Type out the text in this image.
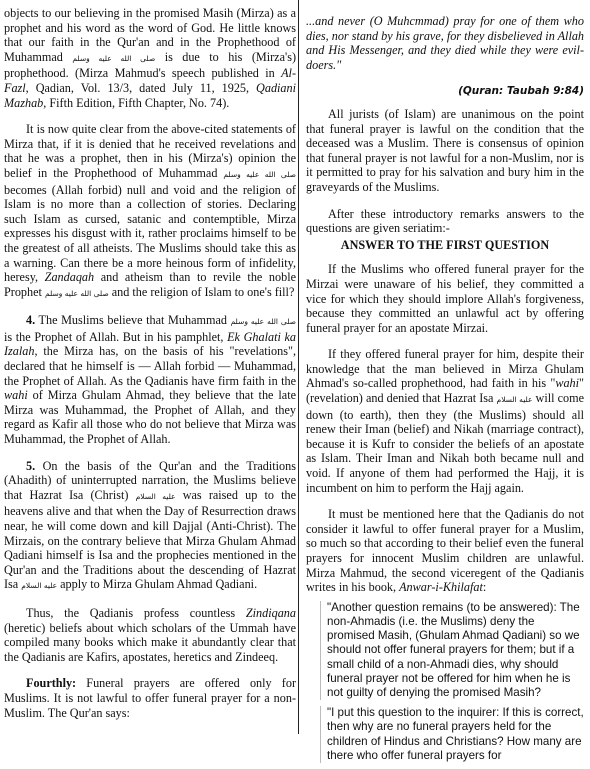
objects to our believing in the promised Masih (Mirza) as a prophet and his word as the word of God. He little knows that our faith in the Qur'an and in the Prophethood of Muhammad صلى الله عليه وسلم is due to his (Mirza's) prophethood. (Mirza Mahmud's speech published in Al-Fazl, Qadian, Vol. 13/3, dated July 11, 1925, Qadiani Mazhab, Fifth Edition, Fifth Chapter, No. 74).

It is now quite clear from the above-cited statements of Mirza that, if it is denied that he received revelations and that he was a prophet, then in his (Mirza's) opinion the belief in the Prophethood of Muhammad صلى الله عليه وسلم becomes (Allah forbid) null and void and the religion of Islam is no more than a collection of stories. Declaring such Islam as cursed, satanic and contemptible, Mirza expresses his disgust with it, rather proclaims himself to be the greatest of all atheists. The Muslims should take this as a warning. Can there be a more heinous form of infidelity, heresy, Zandaqah and atheism than to revile the noble Prophet صلى الله عليه وسلم and the religion of Islam to one's fill?

4. The Muslims believe that Muhammad صلى الله عليه وسلم is the Prophet of Allah. But in his pamphlet, Ek Ghalati ka Izalah, the Mirza has, on the basis of his "revelations", declared that he himself is — Allah forbid — Muhammad, the Prophet of Allah. As the Qadianis have firm faith in the wahi of Mirza Ghulam Ahmad, they believe that the late Mirza was Muhammad, the Prophet of Allah, and they regard as Kafir all those who do not believe that Mirza was Muhammad, the Prophet of Allah.

5. On the basis of the Qur'an and the Traditions (Ahadith) of uninterrupted narration, the Muslims believe that Hazrat Isa (Christ) عليه السلام was raised up to the heavens alive and that when the Day of Resurrection draws near, he will come down and kill Dajjal (Anti-Christ). The Mirzais, on the contrary believe that Mirza Ghulam Ahmad Qadiani himself is Isa and the prophecies mentioned in the Qur'an and the Traditions about the descending of Hazrat Isa عليه السلام apply to Mirza Ghulam Ahmad Qadiani.

Thus, the Qadianis profess countless Zindiqana (heretic) beliefs about which scholars of the Ummah have compiled many books which make it abundantly clear that the Qadianis are Kafirs, apostates, heretics and Zindeeq.

Fourthly: Funeral prayers are offered only for Muslims. It is not lawful to offer funeral prayer for a non-Muslim. The Qur'an says:

...and never (O Muhcmmad) pray for one of them who dies, nor stand by his grave, for they disbelieved in Allah and His Messenger, and they died while they were evil-doers."

(Quran: Taubah 9:84)

All jurists (of Islam) are unanimous on the point that funeral prayer is lawful on the condition that the deceased was a Muslim. There is consensus of opinion that funeral prayer is not lawful for a non-Muslim, nor is it permitted to pray for his salvation and bury him in the graveyards of the Muslims.

After these introductory remarks answers to the questions are given seriatim:-

ANSWER TO THE FIRST QUESTION

If the Muslims who offered funeral prayer for the Mirzai were unaware of his belief, they committed a vice for which they should implore Allah's forgiveness, because they committed an unlawful act by offering funeral prayer for an apostate Mirzai.

If they offered funeral prayer for him, despite their knowledge that the man believed in Mirza Ghulam Ahmad's so-called prophethood, had faith in his "wahi" (revelation) and denied that Hazrat Isa عليه السلام will come down (to earth), then they (the Muslims) should all renew their Iman (belief) and Nikah (marriage contract), because it is Kufr to consider the beliefs of an apostate as Islam. Their Iman and Nikah both became null and void. If anyone of them had performed the Hajj, it is incumbent on him to perform the Hajj again.

It must be mentioned here that the Qadianis do not consider it lawful to offer funeral prayer for a Muslim, so much so that according to their belief even the funeral prayers for innocent Muslim children are unlawful. Mirza Mahmud, the second viceregent of the Qadianis writes in his book, Anwar-i-Khilafat:

"Another question remains (to be answered): The non-Ahmadis (i.e. the Muslims) deny the promised Masih, (Ghulam Ahmad Qadiani) so we should not offer funeral prayers for them; but if a small child of a non-Ahmadi dies, why should funeral prayer not be offered for him when he is not guilty of denying the promised Masih?
"I put this question to the inquirer: If this is correct, then why are no funeral prayers held for the children of Hindus and Christians? How many are there who offer funeral prayers for
